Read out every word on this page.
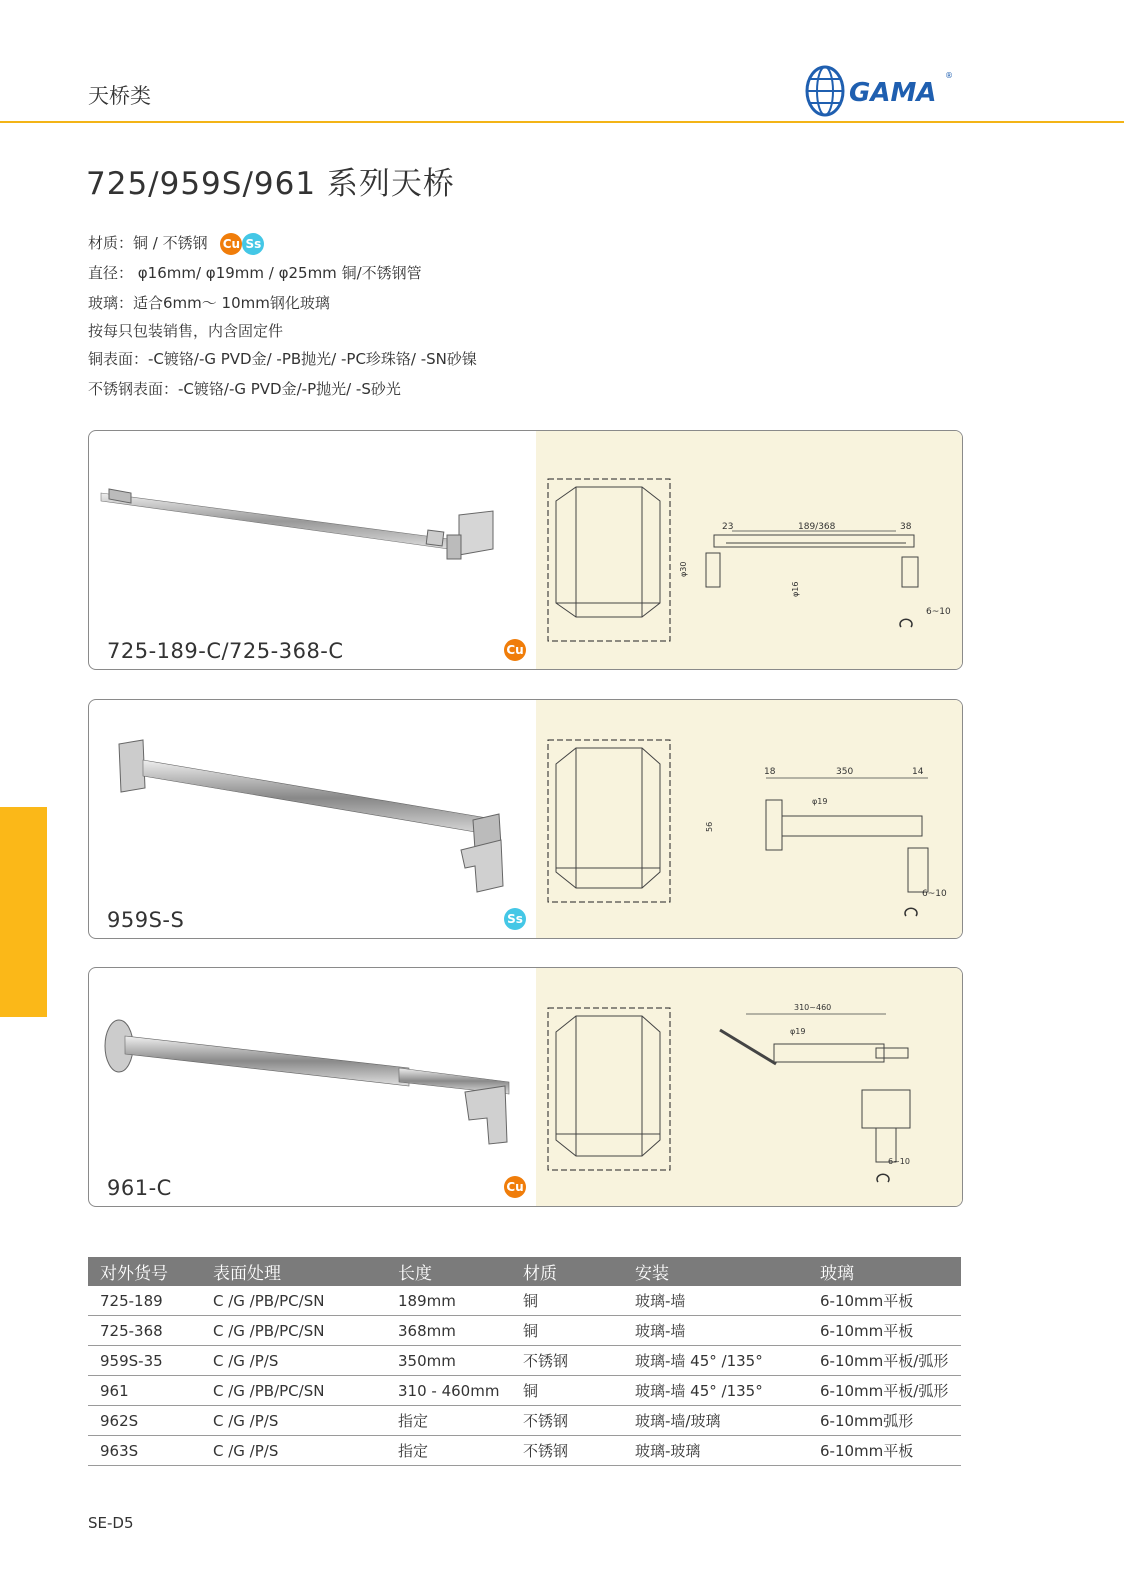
天桥类	GAMA
®
725/959S/961 系列天桥
材质：铜 / 不锈钢 Cu Ss
直径： φ16mm/ φ19mm / φ25mm 铜/不锈钢管
玻璃：适合6mm～ 10mm钢化玻璃
按每只包装销售，内含固定件
铜表面：-C镀铬/-G PVD金/ -PB抛光/ -PC珍珠铬/ -SN砂镍
不锈钢表面：-C镀铬/-G PVD金/-P抛光/ -S砂光
23	189/368	38
φ30
φ16
6~10
725-189-C/725-368-C	Cu
18	350	14
56
φ19
6~10
959S-S	Ss
310~460
φ19
6~10
961-C	Cu
对外货号	表面处理	长度	材质	安装	玻璃
725-189	C /G /PB/PC/SN	189mm	铜	玻璃-墙	6-10mm平板
725-368	C /G /PB/PC/SN	368mm	铜	玻璃-墙	6-10mm平板
959S-35	C /G /P/S	350mm	不锈钢	玻璃-墙 45° /135°	6-10mm平板/弧形
961	C /G /PB/PC/SN	310 - 460mm	铜	玻璃-墙 45° /135°	6-10mm平板/弧形
962S	C /G /P/S	指定	不锈钢	玻璃-墙/玻璃	6-10mm弧形
963S	C /G /P/S	指定	不锈钢	玻璃-玻璃	6-10mm平板
SE-D5
